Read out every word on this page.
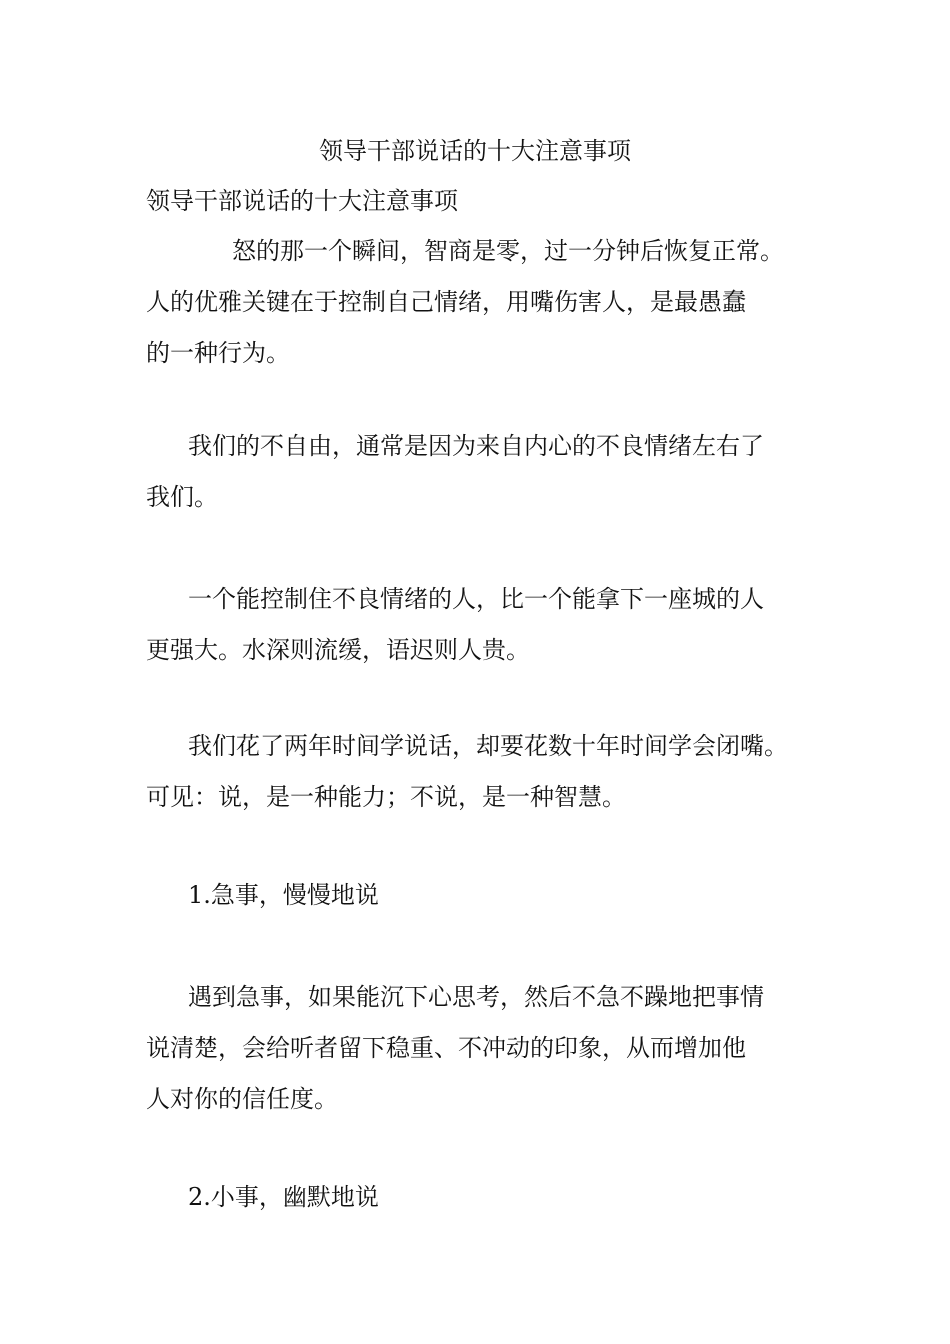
领导干部说话的十大注意事项
领导干部说话的十大注意事项

怒的那一个瞬间，智商是零，过一分钟后恢复正常。
人的优雅关键在于控制自己情绪，用嘴伤害人，是最愚蠢
的一种行为。

我们的不自由，通常是因为来自内心的不良情绪左右了
我们。

一个能控制住不良情绪的人，比一个能拿下一座城的人
更强大。水深则流缓，语迟则人贵。

我们花了两年时间学说话，却要花数十年时间学会闭嘴。
可见：说，是一种能力；不说，是一种智慧。

1.急事，慢慢地说

遇到急事，如果能沉下心思考，然后不急不躁地把事情
说清楚，会给听者留下稳重、不冲动的印象，从而增加他
人对你的信任度。

2.小事，幽默地说
